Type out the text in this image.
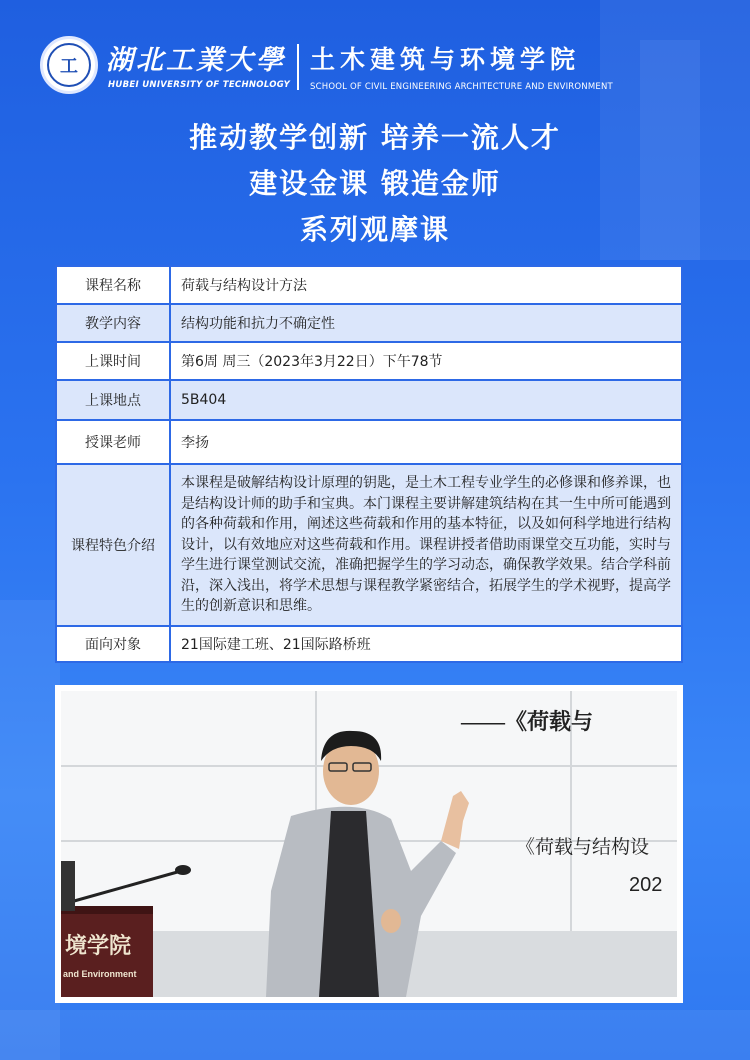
工	湖北工業大學
HUBEI UNIVERSITY OF TECHNOLOGY
土木建筑与环境学院
SCHOOL OF CIVIL ENGINEERING ARCHITECTURE AND ENVIRONMENT
推动教学创新 培养一流人才
建设金课 锻造金师
系列观摩课
课程名称	荷载与结构设计方法
教学内容	结构功能和抗力不确定性
上课时间	第6周 周三（2023年3月22日）下午78节
上课地点	5B404
授课老师	李扬
课程特色介绍	本课程是破解结构设计原理的钥匙，是土木工程专业学生的必修课和修养课，也是结构设计师的助手和宝典。本门课程主要讲解建筑结构在其一生中所可能遇到的各种荷载和作用，阐述这些荷载和作用的基本特征，以及如何科学地进行结构设计，以有效地应对这些荷载和作用。课程讲授者借助雨课堂交互功能，实时与学生进行课堂测试交流，准确把握学生的学习动态，确保教学效果。结合学科前沿，深入浅出，将学术思想与课程教学紧密结合，拓展学生的学术视野，提高学生的创新意识和思维。
面向对象	21国际建工班、21国际路桥班
——《荷载与
《荷载与结构设
202
境学院
and Environment
